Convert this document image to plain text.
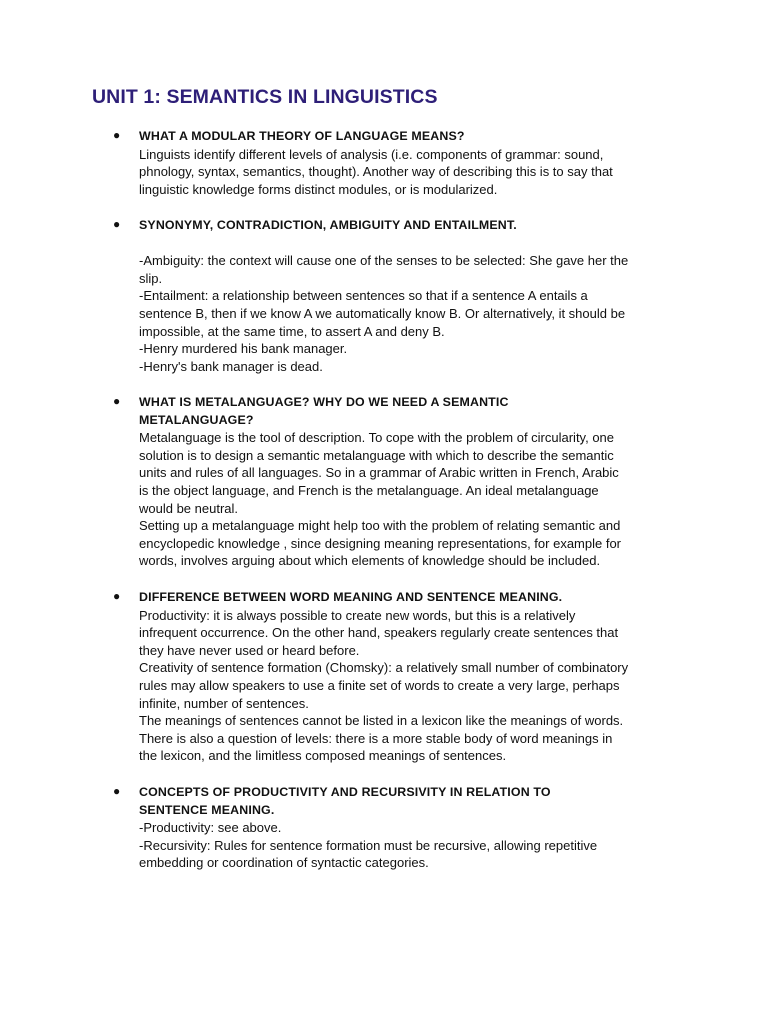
UNIT 1: SEMANTICS IN LINGUISTICS
● WHAT A MODULAR THEORY OF LANGUAGE MEANS?
Linguists identify different levels of analysis (i.e. components of grammar: sound,
phnology, syntax, semantics, thought). Another way of describing this is to say that
linguistic knowledge forms distinct modules, or is modularized.
● SYNONYMY, CONTRADICTION, AMBIGUITY AND ENTAILMENT.
-Ambiguity: the context will cause one of the senses to be selected: She gave her the
slip.
-Entailment: a relationship between sentences so that if a sentence A entails a
sentence B, then if we know A we automatically know B. Or alternatively, it should be
impossible, at the same time, to assert A and deny B.
-Henry murdered his bank manager.
-Henry's bank manager is dead.
● WHAT IS METALANGUAGE? WHY DO WE NEED A SEMANTIC
METALANGUAGE?
Metalanguage is the tool of description. To cope with the problem of circularity, one
solution is to design a semantic metalanguage with which to describe the semantic
units and rules of all languages. So in a grammar of Arabic written in French, Arabic
is the object language, and French is the metalanguage. An ideal metalanguage
would be neutral.
Setting up a metalanguage might help too with the problem of relating semantic and
encyclopedic knowledge , since designing meaning representations, for example for
words, involves arguing about which elements of knowledge should be included.
● DIFFERENCE BETWEEN WORD MEANING AND SENTENCE MEANING.
Productivity: it is always possible to create new words, but this is a relatively
infrequent occurrence. On the other hand, speakers regularly create sentences that
they have never used or heard before.
Creativity of sentence formation (Chomsky): a relatively small number of combinatory
rules may allow speakers to use a finite set of words to create a very large, perhaps
infinite, number of sentences.
The meanings of sentences cannot be listed in a lexicon like the meanings of words.
There is also a question of levels: there is a more stable body of word meanings in
the lexicon, and the limitless composed meanings of sentences.
● CONCEPTS OF PRODUCTIVITY AND RECURSIVITY IN RELATION TO
SENTENCE MEANING.
-Productivity: see above.
-Recursivity: Rules for sentence formation must be recursive, allowing repetitive
embedding or coordination of syntactic categories.
